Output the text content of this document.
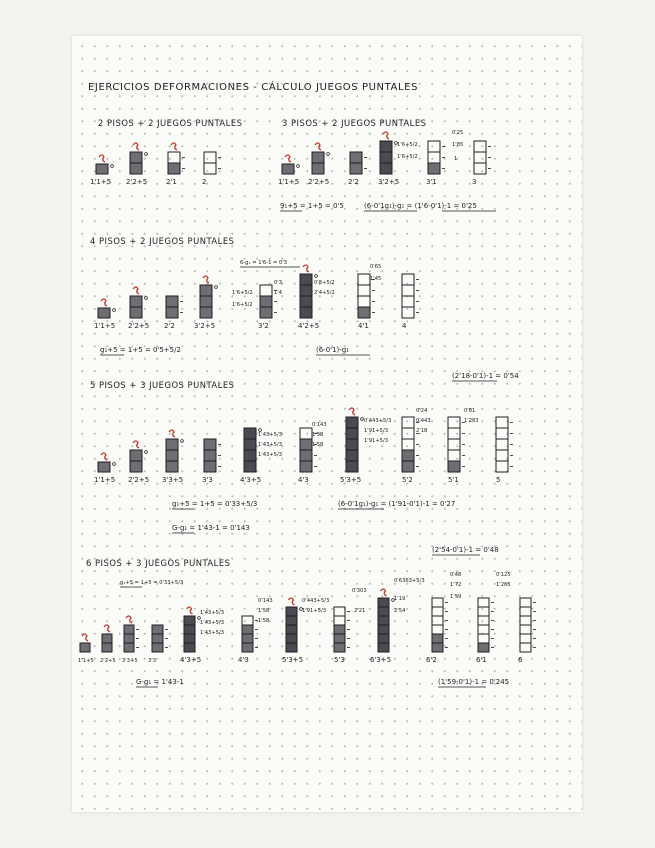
EJERCICIOS DEFORMACIONES - CÁLCULO JUEGOS PUNTALES
2 PISOS + 2 JUEGOS PUNTALES
1'1+5 2'2+5	2'1	2
3 PISOS + 2 JUEGOS PUNTALES
1'1+5 2'2+5	2'2	3'2+5	3'1	3
0'25
1'85
1'6+5/2
1'6+5/2	1
9₁+5 = 1+5 = 0'5	(6-0'1g₁)-g₁ = (1'6-0'1)-1 = 0'25
4 PISOS + 2 JUEGOS PUNTALES
6-g₁ = 1'6-1 = 0'3
1'1+5 2'2+5 2'2	3'2+5	3'2	4'2+5	4'1	4
1'6+5/2
1'6+5/2
0'3
1'4
0'8+5/2
2'4+5/2
0'65
1'45
g₁+5 = 1+5 = 0'5+5/2	(6-0'1)-g₁
(2'18-0'1)-1 = 0'54
5 PISOS + 3 JUEGOS PUNTALES
1'1+5 2'2+5 3'3+5	3'3	4'3+5	4'3	5'3+5	5'2	5'1	5
1'43+5/3
1'43+5/3
1'43+5/3
0'143
1'58
1'58
0'443+5/3
1'91+5/3
1'91+5/3
0'24
0'443
2'18
0'81
1'283
g₁+5 = 1+5 = 0'33+5/3
G-g₁ = 1'43-1 = 0'143
(6-0'1g₁)-g₁ = (1'91-0'1)-1 = 0'27
(2'54-0'1)-1 = 0'48
6 PISOS + 3 JUEGOS PUNTALES
g₁+5 = 1+5 = 0'33+5/3
1'1+5 2'2+5 3'3+5 3'3	4'3+5	4'3	5'3+5	5'3	6'3+5	6'2	6'1	6
1'43+5/3
1'43+5/3
1'43+5/3
0'143
1'58
1'58
0'303
0'443+5/3
1'91+5/3	2'21
0'6363+5/3
1'19
2'54
0'48
1'72
1'59
0'125
1'265
G-g₁ = 1'43-1	(1'59-0'1)-1 = 0'245
